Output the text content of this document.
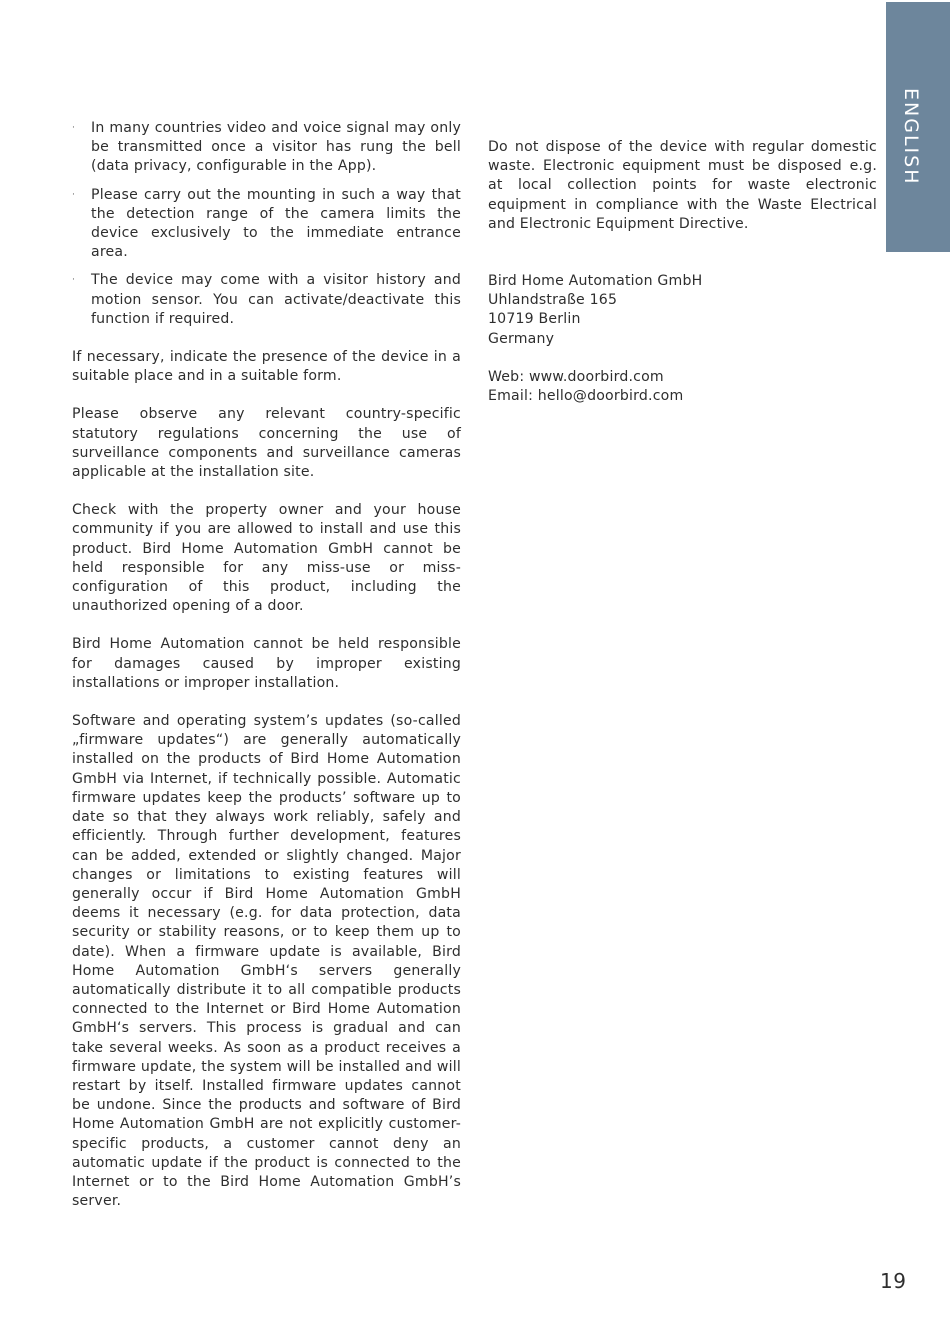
ENGLISH
· In many countries video and voice signal may only be transmitted once a visitor has rung the bell (data privacy, configurable in the App).
· Please carry out the mounting in such a way that the detection range of the camera limits the device exclusively to the immediate entrance area.
· The device may come with a visitor history and motion sensor. You can activate/deactivate this function if required.

If necessary, indicate the presence of the device in a suitable place and in a suitable form.

Please observe any relevant country-specific statutory regulations concerning the use of surveillance components and surveillance cameras applicable at the installation site.

Check with the property owner and your house community if you are allowed to install and use this product. Bird Home Automation GmbH cannot be held responsible for any miss-use or miss-configuration of this product, including the unauthorized opening of a door.

Bird Home Automation cannot be held responsible for damages caused by improper existing installations or improper installation.

Software and operating system’s updates (so-called „firmware updates“) are generally automatically installed on the products of Bird Home Automation GmbH via Internet, if technically possible. Automatic firmware updates keep the products’ software up to date so that they always work reliably, safely and efficiently. Through further development, features can be added, extended or slightly changed. Major changes or limitations to existing features will generally occur if Bird Home Automation GmbH deems it necessary (e.g. for data protection, data security or stability reasons, or to keep them up to date). When a firmware update is available, Bird Home Automation GmbH‘s servers generally automatically distribute it to all compatible products connected to the Internet or Bird Home Automation GmbH‘s servers. This process is gradual and can take several weeks. As soon as a product receives a firmware update, the system will be installed and will restart by itself. Installed firmware updates cannot be undone. Since the products and software of Bird Home Automation GmbH are not explicitly customer-specific products, a customer cannot deny an automatic update if the product is connected to the Internet or to the Bird Home Automation GmbH’s server.

Do not dispose of the device with regular domestic waste. Electronic equipment must be disposed e.g. at local collection points for waste electronic equipment in compliance with the Waste Electrical and Electronic Equipment Directive.

Bird Home Automation GmbH
Uhlandstraße 165
10719 Berlin
Germany
Web: www.doorbird.com
Email: hello@doorbird.com
19
